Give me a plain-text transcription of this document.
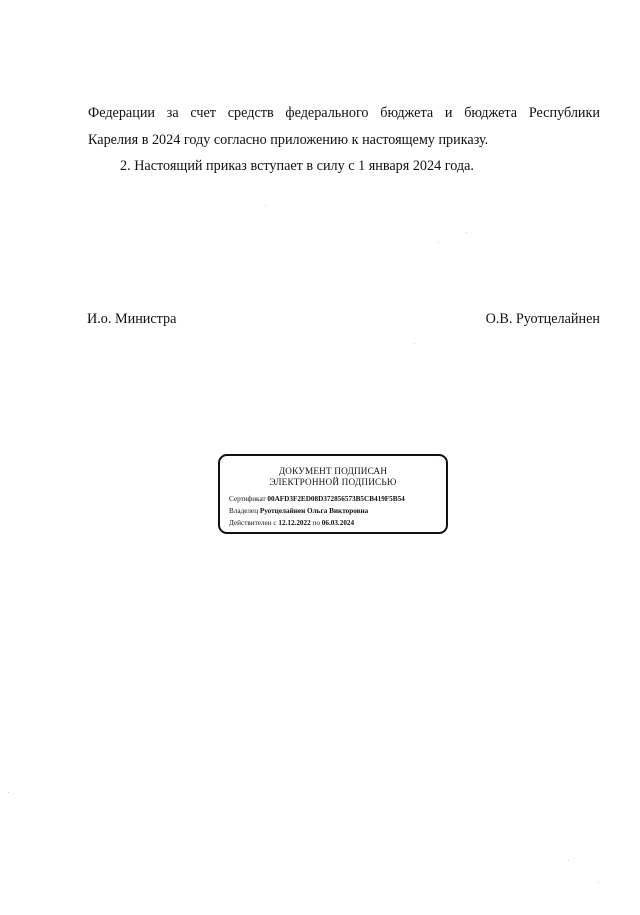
Федерации за счет средств федерального бюджета и бюджета Республики
Карелия в 2024 году согласно приложению к настоящему приказу.
2. Настоящий приказ вступает в силу с 1 января 2024 года.
И.о. Министра	О.В. Руотцелайнен
ДОКУМЕНТ ПОДПИСАН
ЭЛЕКТРОННОЙ ПОДПИСЬЮ
Сертификат 00AFD3F2ED08D372856573B5CB419F5B54
Владелец Руотцелайнен Ольга Викторовна
Действителен с 12.12.2022 по 06.03.2024
